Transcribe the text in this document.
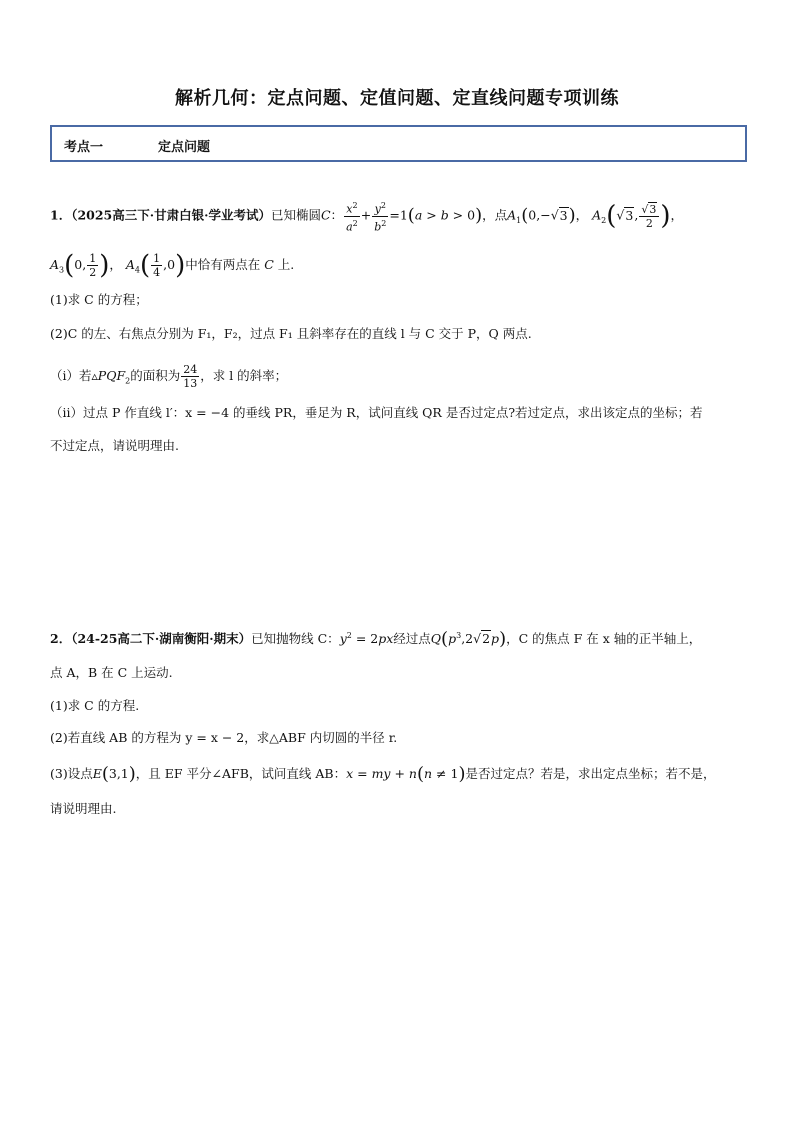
解析几何：定点问题、定值问题、定直线问题专项训练
考点一	定点问题
1．（2025高三下·甘肃白银·学业考试）已知椭圆C： $\frac{x^2}{a^2} + \frac{y^2}{b^2} =1(a > b > 0)$，点$A_1(0,-√3)$， $A_2(√3$, $\frac{√3}{2}$ )，
$A_3(0$, $\frac{1}{2}$ )， $A_4( \frac{1}{4} ,0)$中恰有两点在 C 上.
(1)求 C 的方程；
(2)C 的左、右焦点分别为 F₁，F₂，过点 F₁ 且斜率存在的直线 l 与 C 交于 P，Q 两点.
（i）若$▵PQF_2$的面积为 $\frac{24}{13}$ ，求 l 的斜率；
（ii）过点 P 作直线 l′：x = −4 的垂线 PR，垂足为 R，试问直线 QR 是否过定点?若过定点，求出该定点的坐标；若
不过定点，请说明理由.
2．（24-25高二下·湖南衡阳·期末）已知抛物线 C：$y^2 = 2px$经过点$Q(p^3,2√2p)$，C 的焦点 F 在 x 轴的正半轴上，
点 A，B 在 C 上运动.
(1)求 C 的方程.
(2)若直线 AB 的方程为 y = x − 2，求△ABF 内切圆的半径 r.
(3)设点E(3,1)，且 EF 平分∠AFB，试问直线 AB：x = my + n(n ≠ 1)是否过定点？若是，求出定点坐标；若不是，
请说明理由.
